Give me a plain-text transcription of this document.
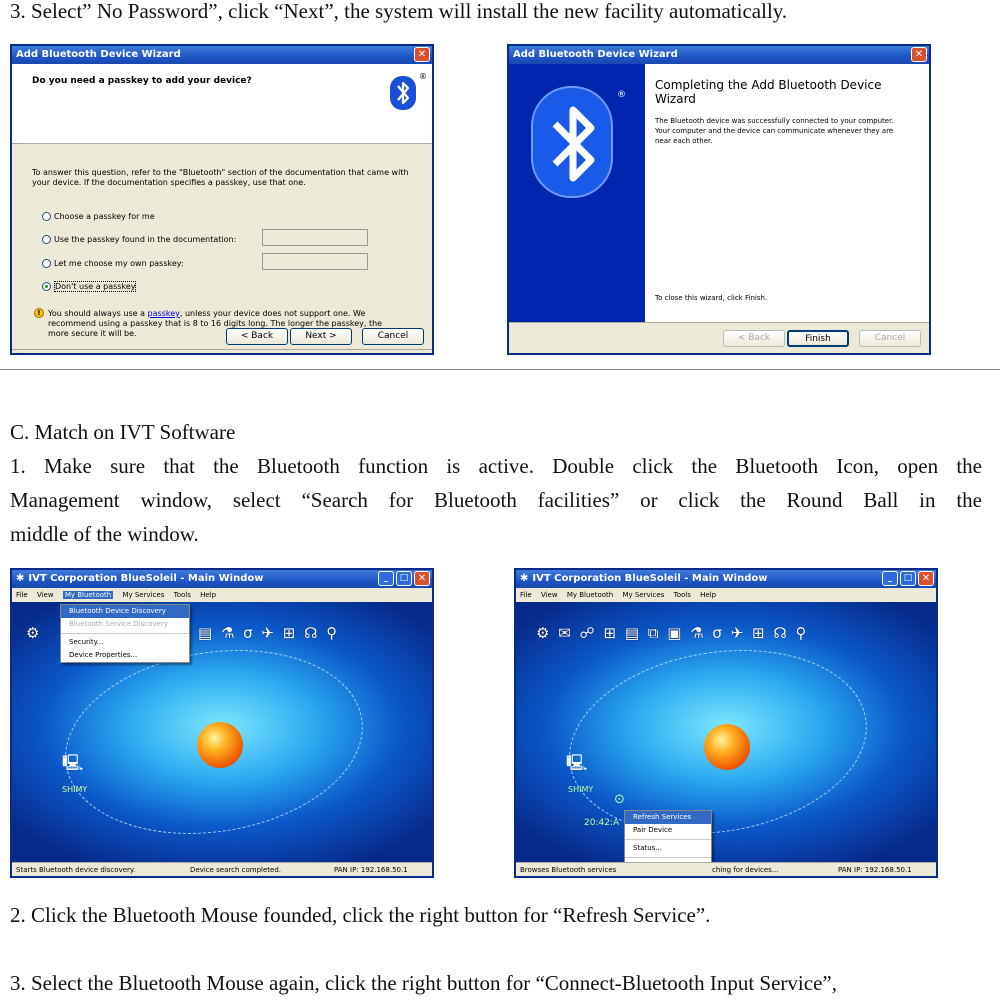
3. Select” No Password”, click “Next”, the system will install the new facility automatically.
Add Bluetooth Device Wizard	✕
Do you need a passkey to add your device?	®
To answer this question, refer to the "Bluetooth" section of the documentation that came with your device. If the documentation specifies a passkey, use that one.
Choose a passkey for me
Use the passkey found in the documentation:
Let me choose my own passkey:
Don't use a passkey
! You should always use a passkey, unless your device does not support one. We recommend using a passkey that is 8 to 16 digits long. The longer the passkey, the more secure it will be.	< Back	Next >	Cancel
Add Bluetooth Device Wizard	✕
®
Completing the Add Bluetooth Device Wizard
The Bluetooth device was successfully connected to your computer. Your computer and the device can communicate whenever they are near each other.
To close this wizard, click Finish.
< Back	Finish	Cancel
C. Match on IVT Software
1. Make sure that the Bluetooth function is active. Double click the Bluetooth Icon, open the
Management window, select “Search for Bluetooth facilities” or click the Round Ball in the
middle of the window.
✱ IVT Corporation BlueSoleil - Main Window	_	□ ✕
File View My Bluetooth My Services Tools Help
⚙	▤ ⚗ σ ✈ ⊞ ☊ ⚲
🖳
SHIMY
Bluetooth Device Discovery
Bluetooth Service Discovery
Security...
Device Properties...
Starts Bluetooth device discovery.	Device search completed.	PAN IP: 192.168.50.1
✱ IVT Corporation BlueSoleil - Main Window	_	□ ✕
File View My Bluetooth My Services Tools Help
⚙ ✉ ☍ ⊞ ▤ ⧉ ▣ ⚗ σ ✈ ⊞ ☊ ⚲
🖳
SHIMY
⊙
20:42:A
Refresh Services
Pair Device
Status...
Browses Bluetooth services	ching for devices...	PAN IP: 192.168.50.1
2. Click the Bluetooth Mouse founded, click the right button for “Refresh Service”.
3. Select the Bluetooth Mouse again, click the right button for “Connect-Bluetooth Input Service”,
